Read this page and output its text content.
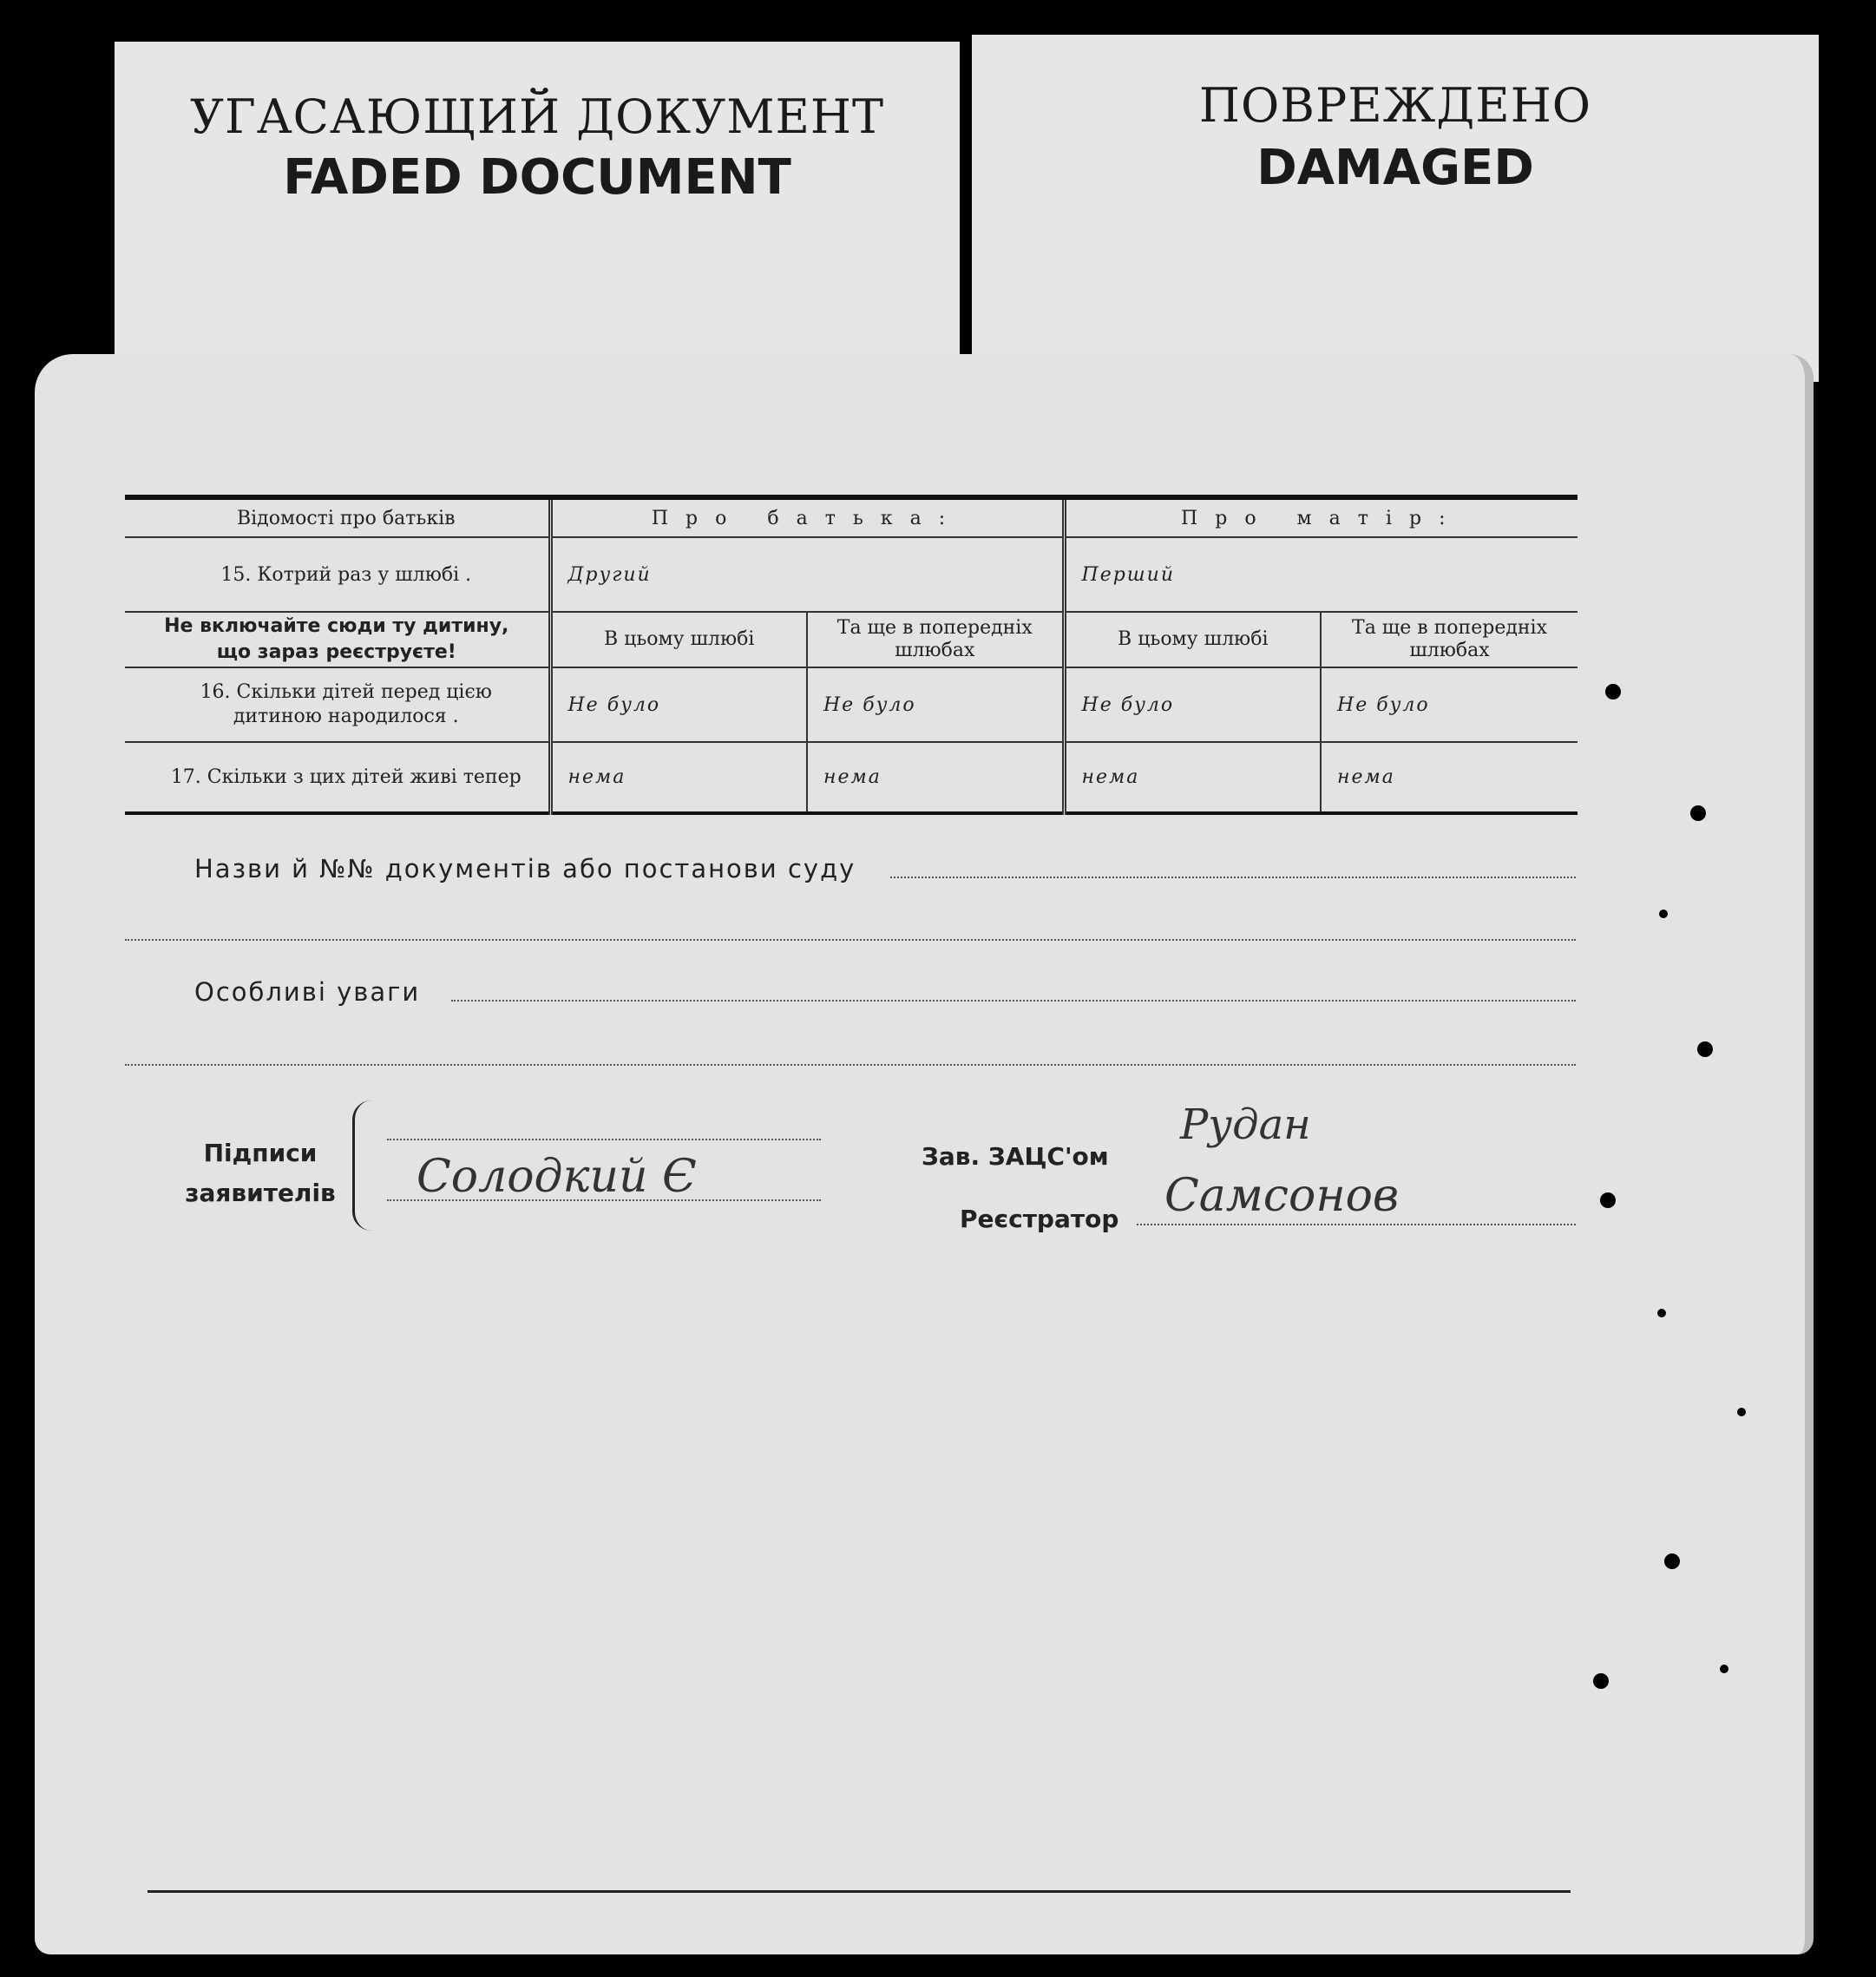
УГАСАЮЩИЙ ДОКУМЕНТ
FADED DOCUMENT
ПОВРЕЖДЕНО
DAMAGED
Відомості про батьків	Про батька:		Про матір:	
15. Котрий раз у шлюбі .	Другий		Перший	

Не включайте сюди ту дитину,
що зараз реєструєте!	В цьому шлюбі	Та ще в попередніх шлюбах	В цьому шлюбі	Та ще в попередніх шлюбах

16. Скільки дітей перед цією
дитиною народилося .	Не було	Не було	Не було	Не було
17. Скільки з цих дітей живі тепер	нема	нема	нема	нема
Назви й №№ документів або постанови суду
Особливі уваги
Підписи
заявителів Солодкий Є	Зав. ЗАЦС'ом
Рудан
Реєстратор Самсонов
